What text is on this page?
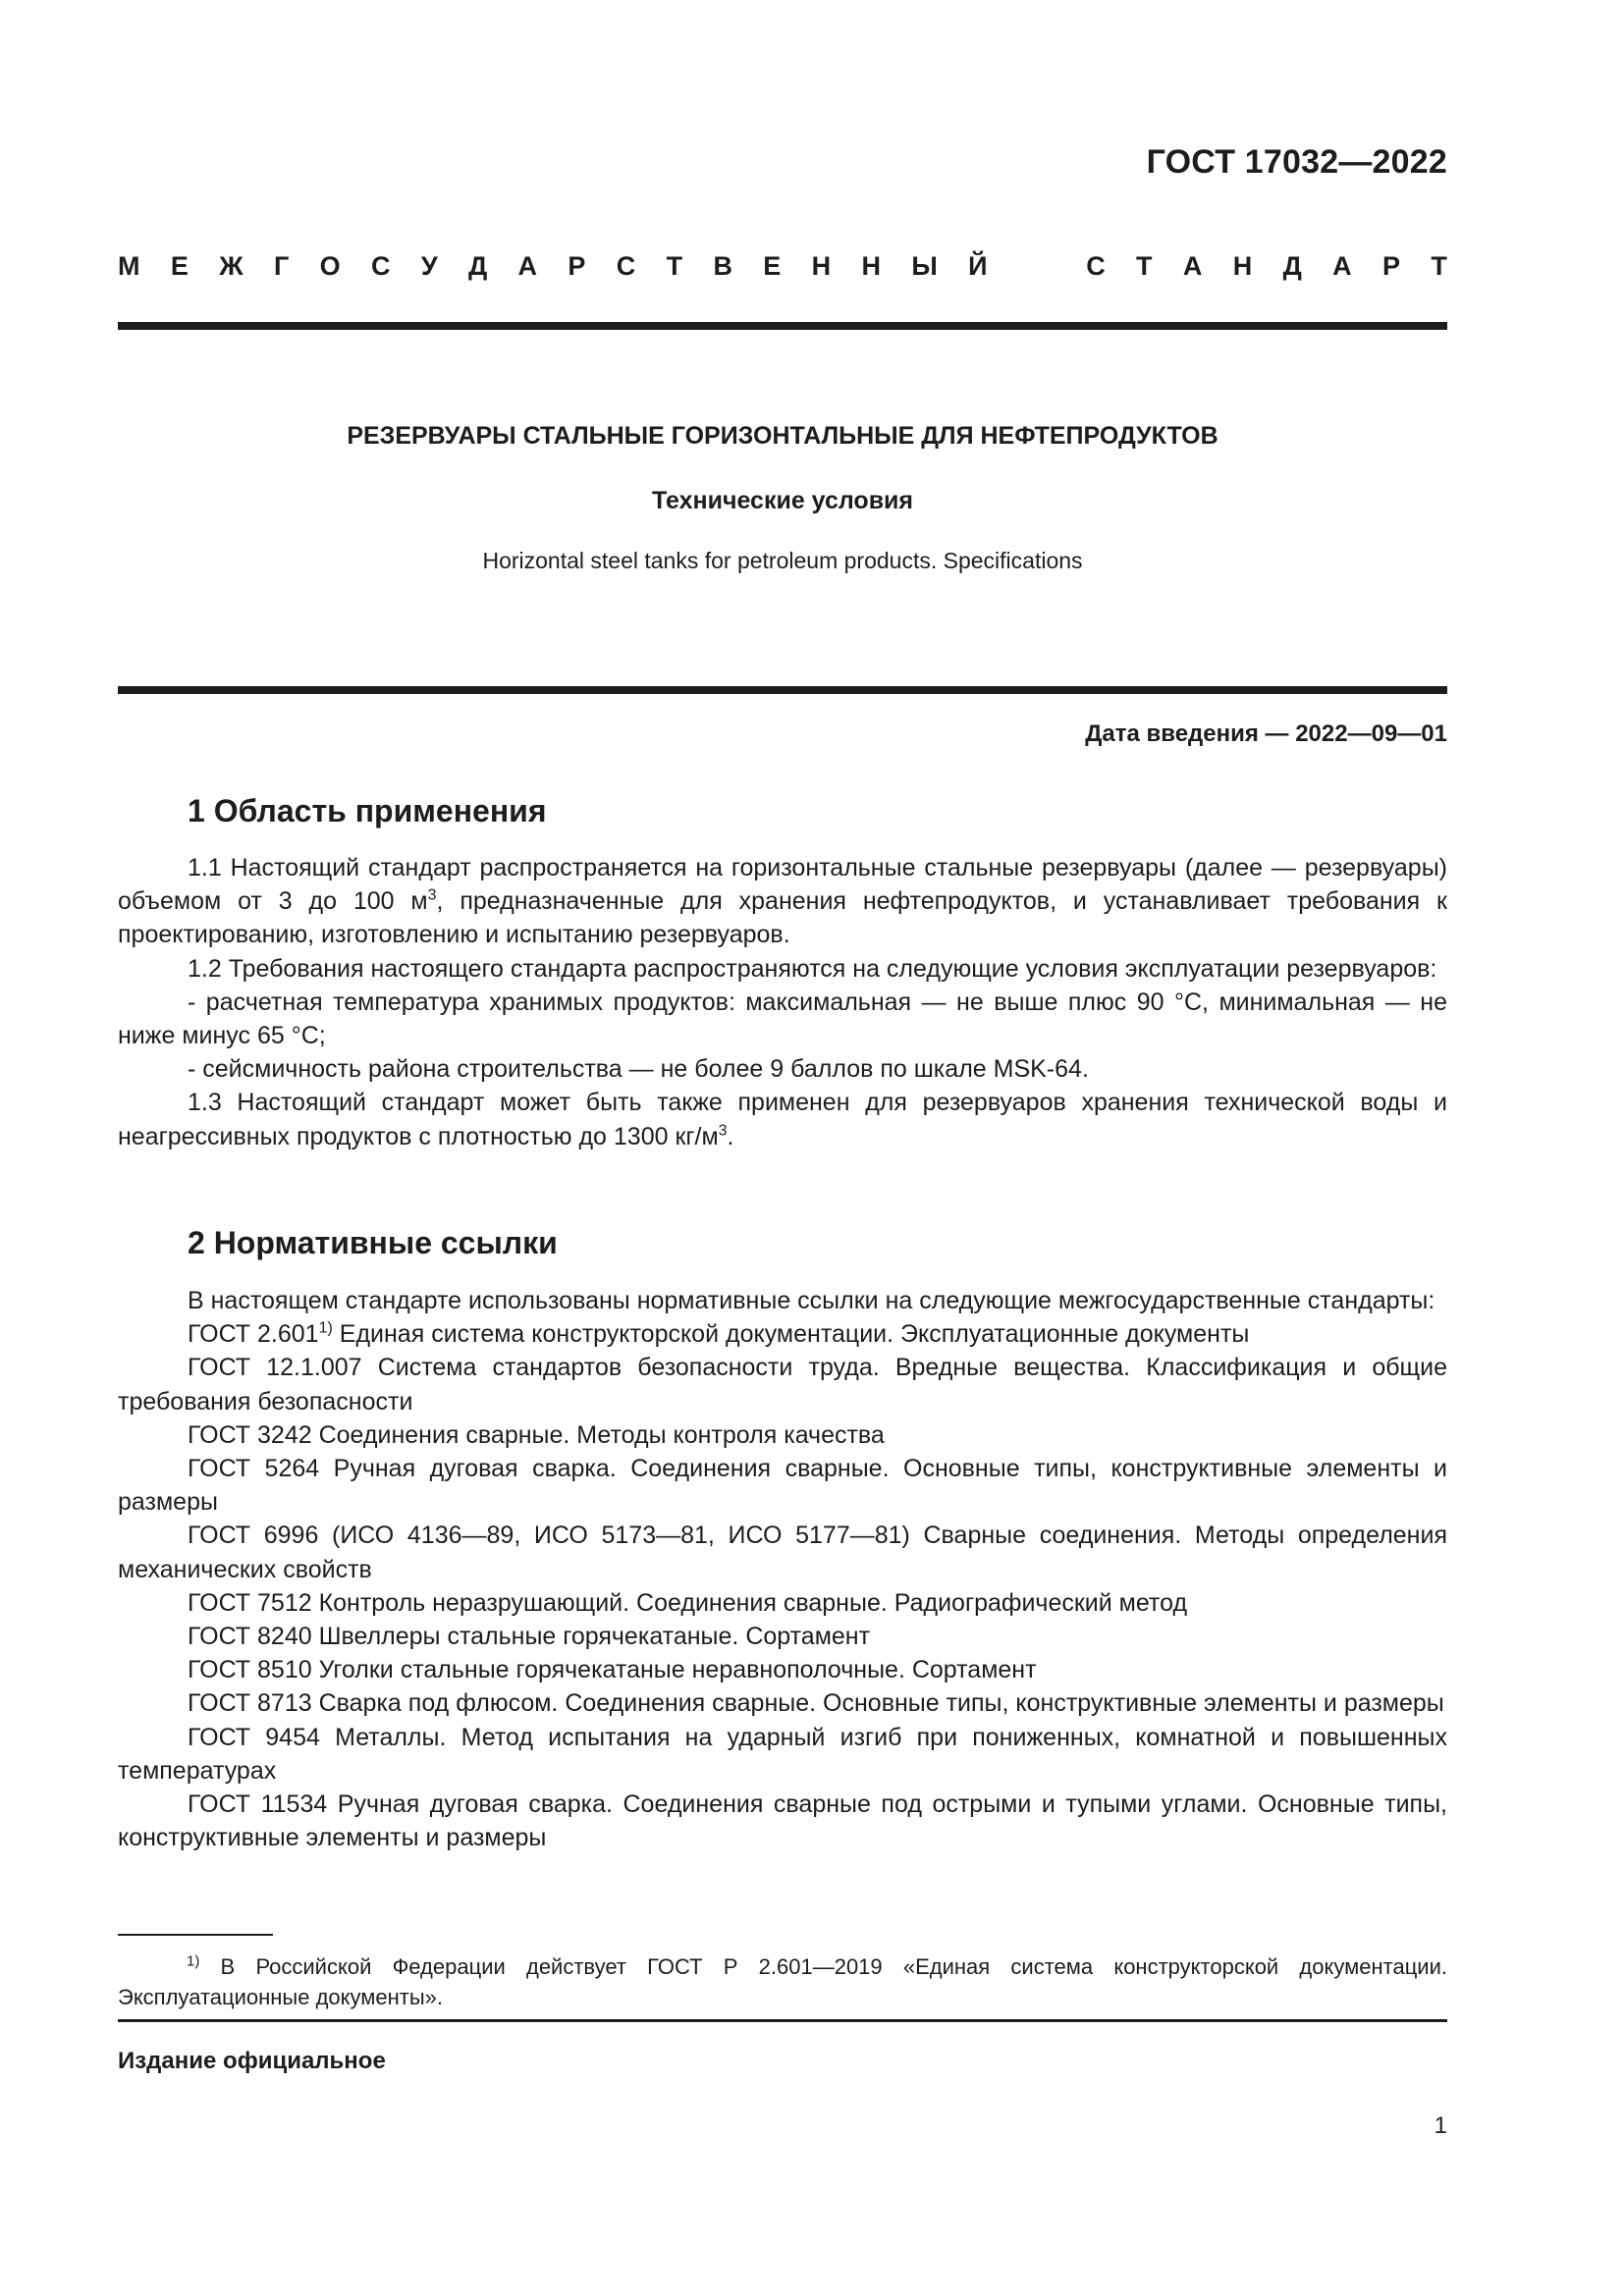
ГОСТ 17032—2022
М Е Ж Г О С У Д А Р С Т В Е Н Н Ы Й	С Т А Н Д А Р Т
РЕЗЕРВУАРЫ СТАЛЬНЫЕ ГОРИЗОНТАЛЬНЫЕ ДЛЯ НЕФТЕПРОДУКТОВ
Технические условия
Horizontal steel tanks for petroleum products. Specifications
Дата введения — 2022—09—01
1 Область применения

1.1 Настоящий стандарт распространяется на горизонтальные стальные резервуары (далее — резервуары) объемом от 3 до 100 $м^3$, предназначенные для хранения нефтепродуктов, и устанавливает требования к проектированию, изготовлению и испытанию резервуаров.

1.2 Требования настоящего стандарта распространяются на следующие условия эксплуатации резервуаров:

- расчетная температура хранимых продуктов: максимальная — не выше плюс 90 °С, минимальная — не ниже минус 65 °С;

- сейсмичность района строительства — не более 9 баллов по шкале MSK-64.

1.3 Настоящий стандарт может быть также применен для резервуаров хранения технической воды и неагрессивных продуктов с плотностью до 1300 $кг/м^3$.

2 Нормативные ссылки

В настоящем стандарте использованы нормативные ссылки на следующие межгосударственные стандарты:

ГОСТ 2.601$^{1)}$ Единая система конструкторской документации. Эксплуатационные документы

ГОСТ 12.1.007 Система стандартов безопасности труда. Вредные вещества. Классификация и общие требования безопасности

ГОСТ 3242 Соединения сварные. Методы контроля качества

ГОСТ 5264 Ручная дуговая сварка. Соединения сварные. Основные типы, конструктивные элементы и размеры

ГОСТ 6996 (ИСО 4136—89, ИСО 5173—81, ИСО 5177—81) Сварные соединения. Методы определения механических свойств

ГОСТ 7512 Контроль неразрушающий. Соединения сварные. Радиографический метод

ГОСТ 8240 Швеллеры стальные горячекатаные. Сортамент

ГОСТ 8510 Уголки стальные горячекатаные неравнополочные. Сортамент

ГОСТ 8713 Сварка под флюсом. Соединения сварные. Основные типы, конструктивные элементы и размеры

ГОСТ 9454 Металлы. Метод испытания на ударный изгиб при пониженных, комнатной и повышенных температурах

ГОСТ 11534 Ручная дуговая сварка. Соединения сварные под острыми и тупыми углами. Основные типы, конструктивные элементы и размеры

$^{1)}$ В Российской Федерации действует ГОСТ Р 2.601—2019 «Единая система конструкторской документации. Эксплуатационные документы».

Издание официальное
1
